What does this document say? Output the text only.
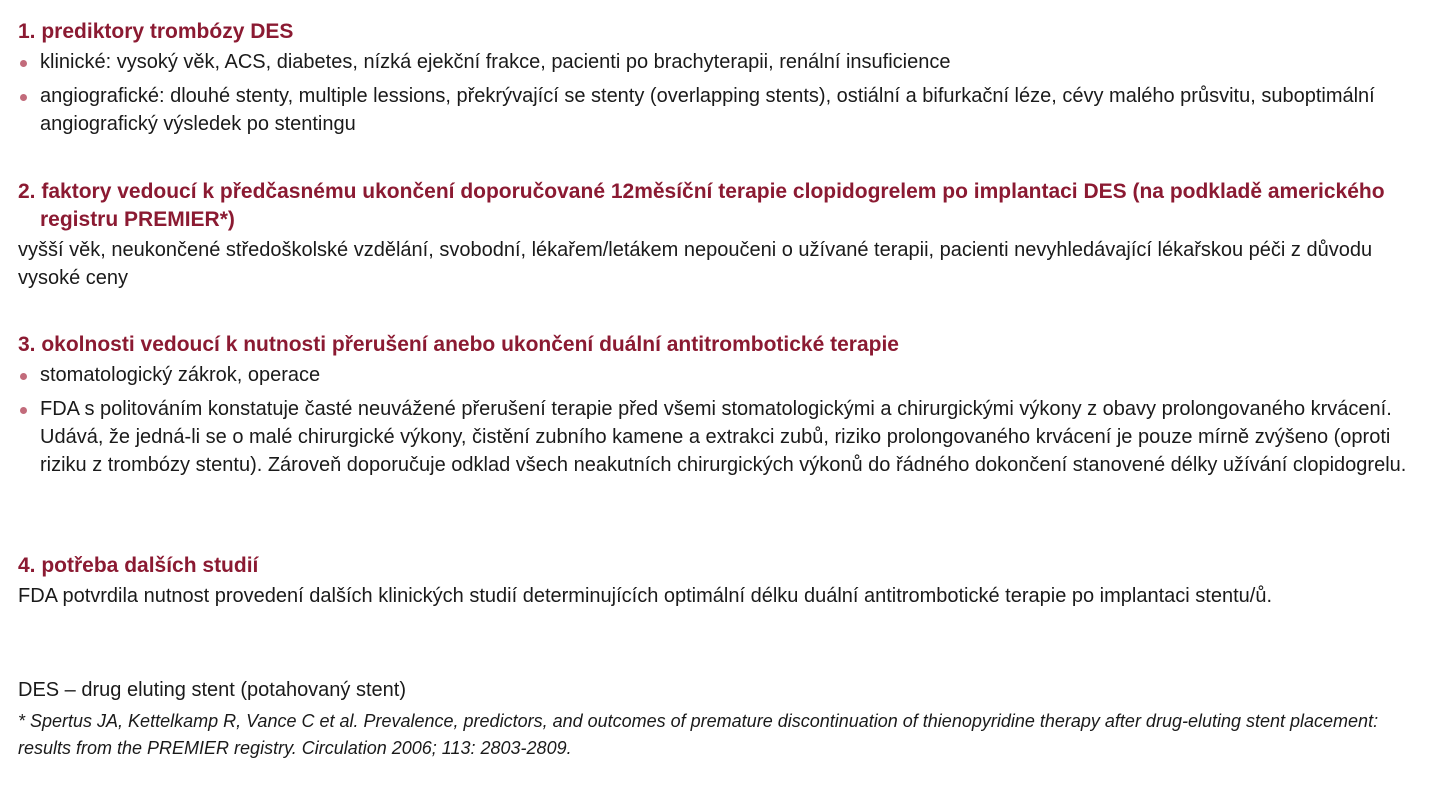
1. prediktory trombózy DES
klinické: vysoký věk, ACS, diabetes, nízká ejekční frakce, pacienti po brachyterapii, renální insuficience
angiografické: dlouhé stenty, multiple lessions, překrývající se stenty (overlapping stents), ostiální a bifurkační léze, cévy malého průsvitu, suboptimální angiografický výsledek po stentingu
2. faktory vedoucí k předčasnému ukončení doporučované 12měsíční terapie clopidogrelem po implantaci DES (na podkladě amerického registru PREMIER*)

vyšší věk, neukončené středoškolské vzdělání, svobodní, lékařem/letákem nepoučeni o užívané terapii, pacienti nevyhledávající lékařskou péči z důvodu vysoké ceny

3. okolnosti vedoucí k nutnosti přerušení anebo ukončení duální antitrombotické terapie
stomatologický zákrok, operace
FDA s politováním konstatuje časté neuvážené přerušení terapie před všemi stomatologickými a chirurgickými výkony z obavy prolongovaného krvácení. Udává, že jedná-li se o malé chirurgické výkony, čistění zubního kamene a extrakci zubů, riziko prolongovaného krvácení je pouze mírně zvýšeno (oproti riziku z trombózy stentu). Zároveň doporučuje odklad všech neakutních chirurgických výkonů do řádného dokončení stanovené délky užívání clopidogrelu.
4. potřeba dalších studií

FDA potvrdila nutnost provedení dalších klinických studií determinujících optimální délku duální antitrombotické terapie po implantaci stentu/ů.

DES – drug eluting stent (potahovaný stent)

* Spertus JA, Kettelkamp R, Vance C et al. Prevalence, predictors, and outcomes of premature discontinuation of thienopyridine therapy after drug-eluting stent placement: results from the PREMIER registry. Circulation 2006; 113: 2803-2809.
